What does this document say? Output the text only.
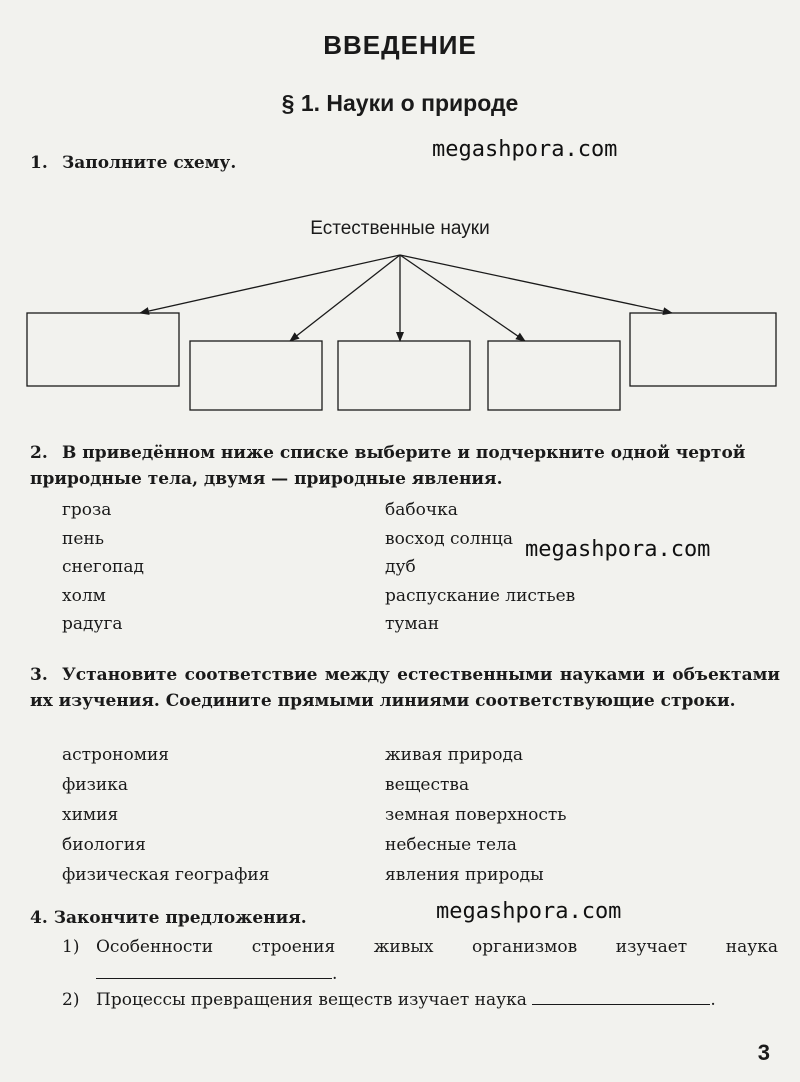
ВВЕДЕНИЕ
§ 1. Науки о природе
1. Заполните схему.
megashpora.com
Естественные науки
2. В приведённом ниже списке выберите и подчеркните одной чертой природные тела, двумя — природные явления.
гроза
пень
снегопад
холм
радуга
бабочка
восход солнца
дуб
распускание листьев
туман
megashpora.com
3. Установите соответствие между естественными науками и объектами их изучения. Соедините прямыми линиями соответствующие строки.
астрономия
физика
химия
биология
физическая география
живая природа
вещества
земная поверхность
небесные тела
явления природы
4. Закончите предложения.	megashpora.com
1) Особенности строения живых организмов изучает наука
.
2) Процессы превращения веществ изучает наука	.
3
